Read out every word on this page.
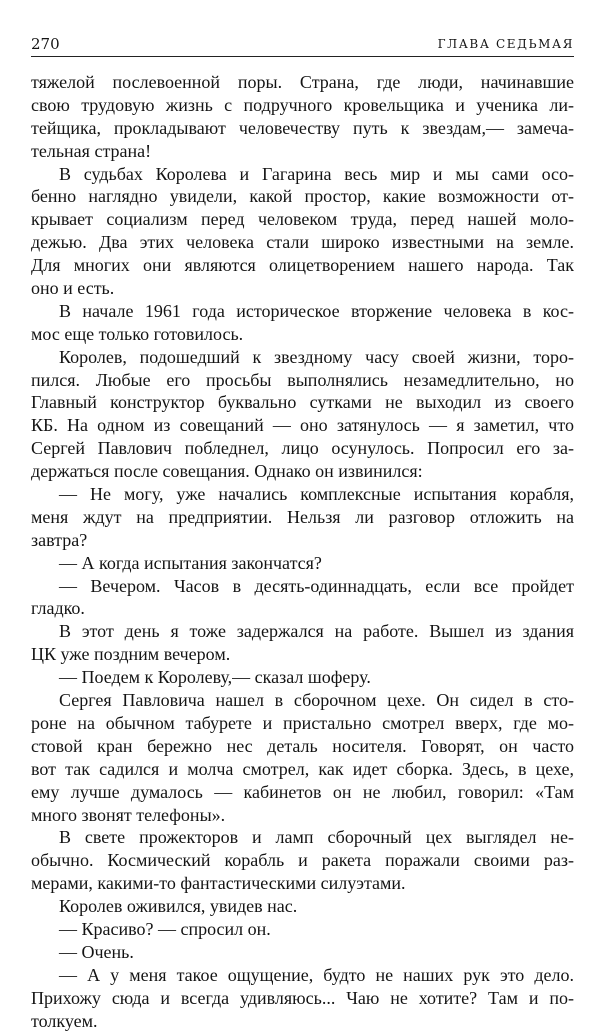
270	ГЛАВА СЕДЬМАЯ
тяжелой послевоенной поры. Страна, где люди, начинавшие
свою трудовую жизнь с подручного кровельщика и ученика ли-
тейщика, прокладывают человечеству путь к звездам,— замеча-
тельная страна!
В судьбах Королева и Гагарина весь мир и мы сами осо-
бенно наглядно увидели, какой простор, какие возможности от-
крывает социализм перед человеком труда, перед нашей моло-
дежью. Два этих человека стали широко известными на земле.
Для многих они являются олицетворением нашего народа. Так
оно и есть.
В начале 1961 года историческое вторжение человека в кос-
мос еще только готовилось.
Королев, подошедший к звездному часу своей жизни, торо-
пился. Любые его просьбы выполнялись незамедлительно, но
Главный конструктор буквально сутками не выходил из своего
КБ. На одном из совещаний — оно затянулось — я заметил, что
Сергей Павлович побледнел, лицо осунулось. Попросил его за-
держаться после совещания. Однако он извинился:
— Не могу, уже начались комплексные испытания корабля,
меня ждут на предприятии. Нельзя ли разговор отложить на
завтра?
— А когда испытания закончатся?
— Вечером. Часов в десять-одиннадцать, если все пройдет
гладко.
В этот день я тоже задержался на работе. Вышел из здания
ЦК уже поздним вечером.
— Поедем к Королеву,— сказал шоферу.
Сергея Павловича нашел в сборочном цехе. Он сидел в сто-
роне на обычном табурете и пристально смотрел вверх, где мо-
стовой кран бережно нес деталь носителя. Говорят, он часто
вот так садился и молча смотрел, как идет сборка. Здесь, в цехе,
ему лучше думалось — кабинетов он не любил, говорил: «Там
много звонят телефоны».
В свете прожекторов и ламп сборочный цех выглядел не-
обычно. Космический корабль и ракета поражали своими раз-
мерами, какими-то фантастическими силуэтами.
Королев оживился, увидев нас.
— Красиво? — спросил он.
— Очень.
— А у меня такое ощущение, будто не наших рук это дело.
Прихожу сюда и всегда удивляюсь... Чаю не хотите? Там и по-
толкуем.
